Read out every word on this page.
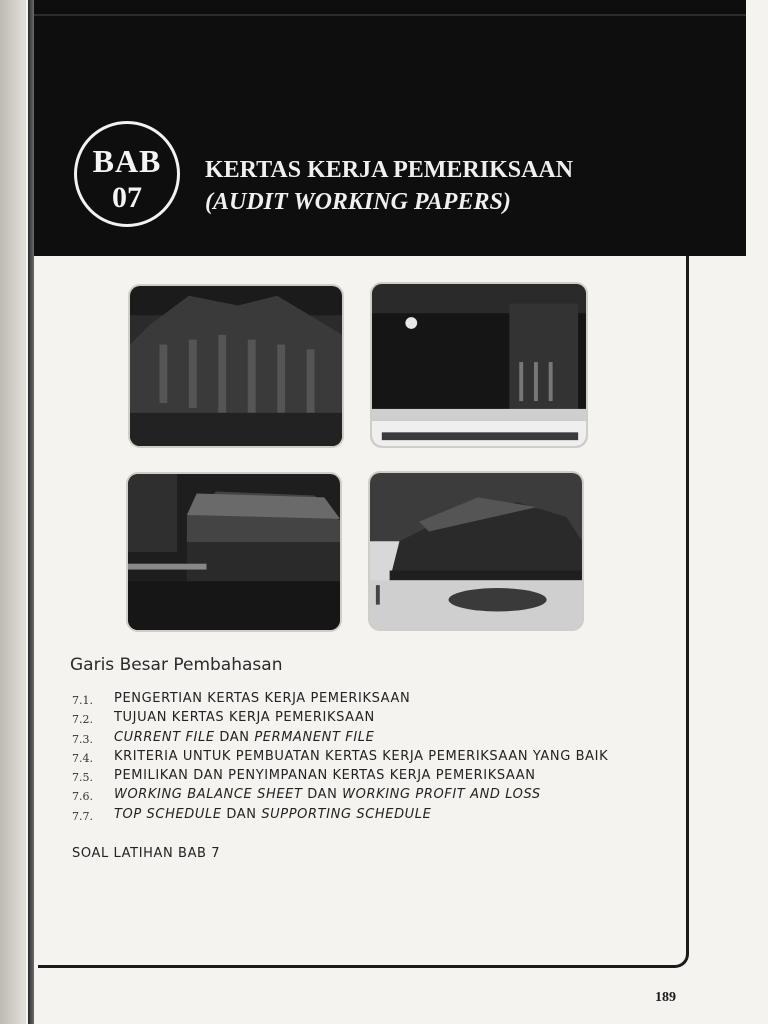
BAB
07
KERTAS KERJA PEMERIKSAAN
(AUDIT WORKING PAPERS)
Garis Besar Pembahasan
7.1. PENGERTIAN KERTAS KERJA PEMERIKSAAN
7.2. TUJUAN KERTAS KERJA PEMERIKSAAN
7.3. CURRENT FILE DAN PERMANENT FILE
7.4. KRITERIA UNTUK PEMBUATAN KERTAS KERJA PEMERIKSAAN YANG BAIK
7.5. PEMILIKAN DAN PENYIMPANAN KERTAS KERJA PEMERIKSAAN
7.6. WORKING BALANCE SHEET DAN WORKING PROFIT AND LOSS
7.7. TOP SCHEDULE DAN SUPPORTING SCHEDULE
SOAL LATIHAN BAB 7
189
